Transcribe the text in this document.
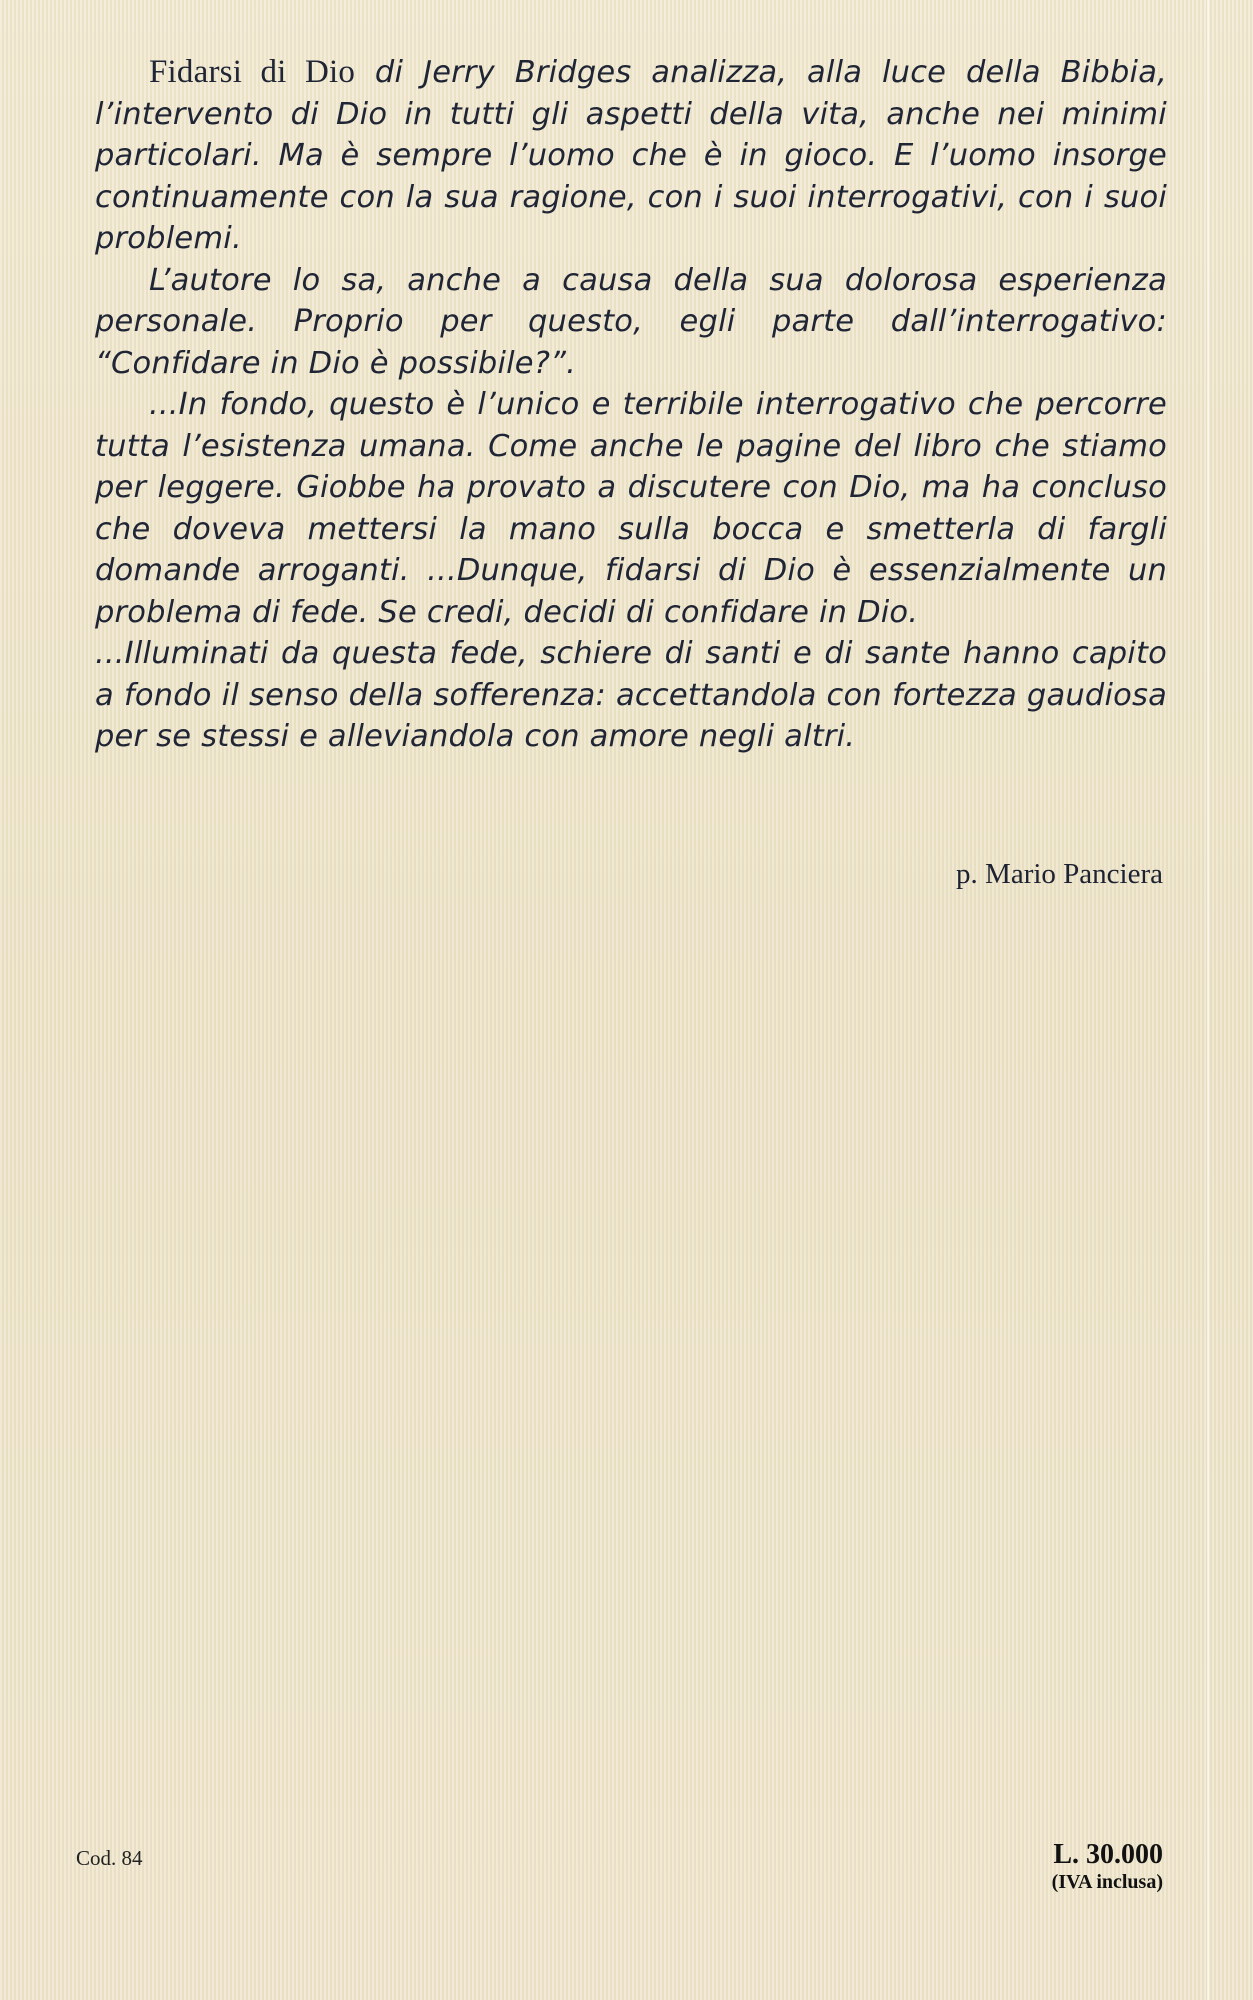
Fidarsi di Dio di Jerry Bridges analizza, alla luce della Bibbia, l’intervento di Dio in tutti gli aspetti della vita, anche nei minimi particolari. Ma è sempre l’uomo che è in gioco. E l’uomo insorge continuamente con la sua ragione, con i suoi interrogativi, con i suoi problemi.

L’autore lo sa, anche a causa della sua dolorosa esperienza personale. Proprio per questo, egli parte dall’interrogativo: “Confidare in Dio è possibile?”.

...In fondo, questo è l’unico e terribile interrogativo che percorre tutta l’esistenza umana. Come anche le pagine del libro che stiamo per leggere. Giobbe ha provato a discutere con Dio, ma ha concluso che doveva mettersi la mano sulla bocca e smetterla di fargli domande arroganti. ...Dunque, fidarsi di Dio è essenzialmente un problema di fede. Se credi, decidi di confidare in Dio.

...Illuminati da questa fede, schiere di santi e di sante hanno capito a fondo il senso della sofferenza: accettandola con fortezza gaudiosa per se stessi e alleviandola con amore negli altri.

p. Mario Panciera
Cod. 84	L. 30.000
(IVA inclusa)
